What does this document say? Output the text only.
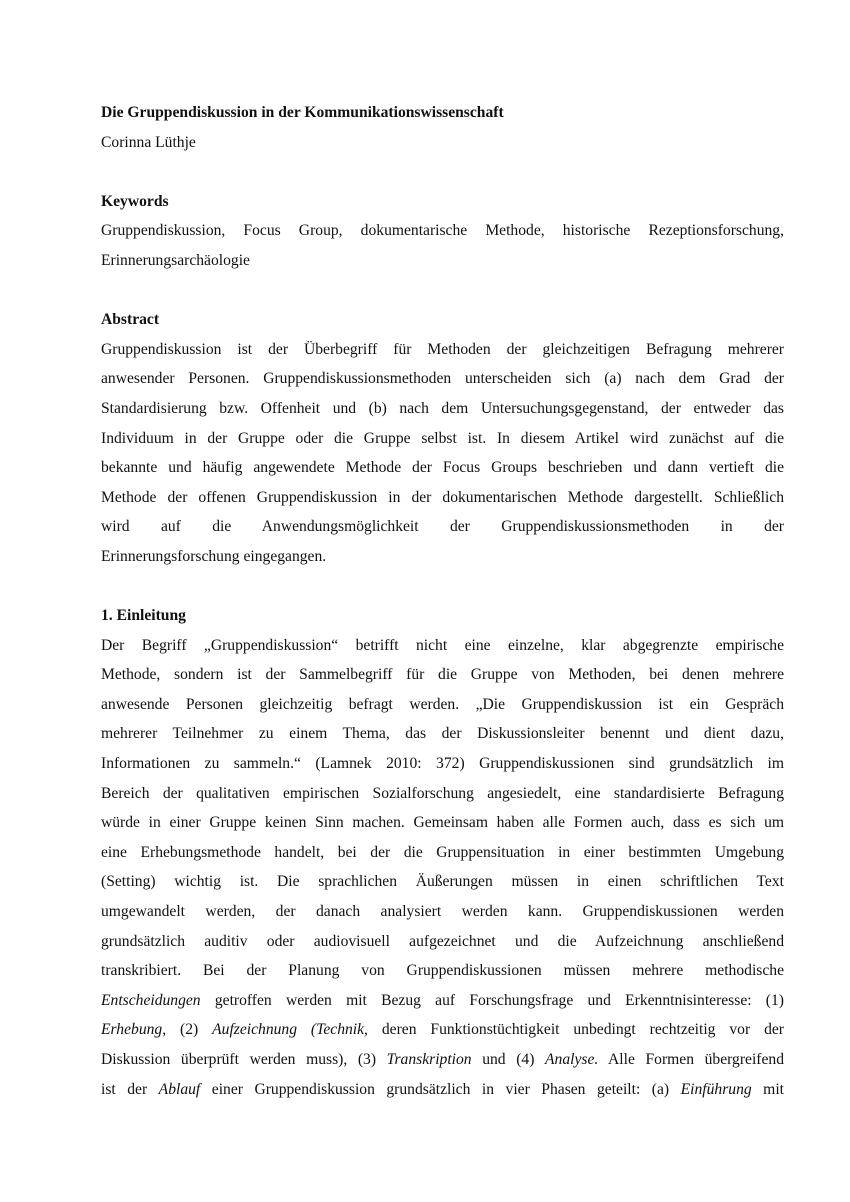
Die Gruppendiskussion in der Kommunikationswissenschaft
Corinna Lüthje
Keywords
Gruppendiskussion, Focus Group, dokumentarische Methode, historische Rezeptionsforschung,
Erinnerungsarchäologie
Abstract
Gruppendiskussion ist der Überbegriff für Methoden der gleichzeitigen Befragung mehrerer
anwesender Personen. Gruppendiskussionsmethoden unterscheiden sich (a) nach dem Grad der
Standardisierung bzw. Offenheit und (b) nach dem Untersuchungsgegenstand, der entweder das
Individuum in der Gruppe oder die Gruppe selbst ist. In diesem Artikel wird zunächst auf die
bekannte und häufig angewendete Methode der Focus Groups beschrieben und dann vertieft die
Methode der offenen Gruppendiskussion in der dokumentarischen Methode dargestellt. Schließlich
wird auf die Anwendungsmöglichkeit der Gruppendiskussionsmethoden in der
Erinnerungsforschung eingegangen.
1. Einleitung
Der Begriff „Gruppendiskussion“ betrifft nicht eine einzelne, klar abgegrenzte empirische
Methode, sondern ist der Sammelbegriff für die Gruppe von Methoden, bei denen mehrere
anwesende Personen gleichzeitig befragt werden. „Die Gruppendiskussion ist ein Gespräch
mehrerer Teilnehmer zu einem Thema, das der Diskussionsleiter benennt und dient dazu,
Informationen zu sammeln.“ (Lamnek 2010: 372) Gruppendiskussionen sind grundsätzlich im
Bereich der qualitativen empirischen Sozialforschung angesiedelt, eine standardisierte Befragung
würde in einer Gruppe keinen Sinn machen. Gemeinsam haben alle Formen auch, dass es sich um
eine Erhebungsmethode handelt, bei der die Gruppensituation in einer bestimmten Umgebung
(Setting) wichtig ist. Die sprachlichen Äußerungen müssen in einen schriftlichen Text
umgewandelt werden, der danach analysiert werden kann. Gruppendiskussionen werden
grundsätzlich auditiv oder audiovisuell aufgezeichnet und die Aufzeichnung anschließend
transkribiert. Bei der Planung von Gruppendiskussionen müssen mehrere methodische
Entscheidungen getroffen werden mit Bezug auf Forschungsfrage und Erkenntnisinteresse: (1)
Erhebung, (2) Aufzeichnung (Technik, deren Funktionstüchtigkeit unbedingt rechtzeitig vor der
Diskussion überprüft werden muss), (3) Transkription und (4) Analyse. Alle Formen übergreifend
ist der Ablauf einer Gruppendiskussion grundsätzlich in vier Phasen geteilt: (a) Einführung mit
